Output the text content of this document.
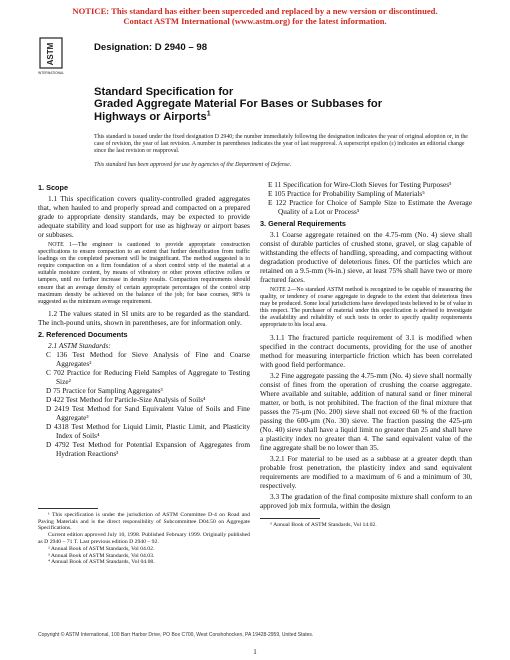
NOTICE: This standard has either been superceded and replaced by a new version or discontinued.
Contact ASTM International (www.astm.org) for the latest information.
ASTM
INTERNATIONAL
Designation: D 2940 – 98
Standard Specification for
Graded Aggregate Material For Bases or Subbases for
Highways or Airports$^1$
This standard is issued under the fixed designation D 2940; the number immediately following the designation indicates the year of original adoption or, in the case of revision, the year of last revision. A number in parentheses indicates the year of last reapproval. A superscript epsilon (ε) indicates an editorial change since the last revision or reapproval.
This standard has been approved for use by agencies of the Department of Defense.
1. Scope

1.1 This specification covers quality-controlled graded aggregates that, when hauled to and properly spread and compacted on a prepared grade to appropriate density standards, may be expected to provide adequate stability and load support for use as highway or airport bases or subbases.

NOTE 1—The engineer is cautioned to provide appropriate construction specifications to ensure compaction to an extent that further densification from traffic loadings on the completed pavement will be insignificant. The method suggested is to require compaction on a firm foundation of a short control strip of the material at a suitable moisture content, by means of vibratory or other proven effective rollers or tampers, until no further increase in density results. Compaction requirements should ensure that an average density of certain appropriate percentages of the control strip maximum density be achieved on the balance of the job; for base courses, 98% is suggested as the minimum average requirement.

1.2 The values stated in SI units are to be regarded as the standard. The inch-pound units, shown in parentheses, are for information only.

2. Referenced Documents

2.1 ASTM Standards:

C 136 Test Method for Sieve Analysis of Fine and Coarse Aggregates²

C 702 Practice for Reducing Field Samples of Aggregate to Testing Size²

D 75 Practice for Sampling Aggregates³

D 422 Test Method for Particle-Size Analysis of Soils⁴

D 2419 Test Method for Sand Equivalent Value of Soils and Fine Aggregate³

D 4318 Test Method for Liquid Limit, Plastic Limit, and Plasticity Index of Soils⁴

D 4792 Test Method for Potential Expansion of Aggregates from Hydration Reactions³

¹ This specification is under the jurisdiction of ASTM Committee D-4 on Road and Paving Materials and is the direct responsibility of Subcommittee D04.50 on Aggregate Specifications.

Current edition approved July 10, 1998. Published February 1999. Originally published as D 2940 – 71 T. Last previous edition D 2940 – 92.

² Annual Book of ASTM Standards, Vol 04.02.

³ Annual Book of ASTM Standards, Vol 04.03.

⁴ Annual Book of ASTM Standards, Vol 04.08.

E 11 Specification for Wire-Cloth Sieves for Testing Purposes⁵

E 105 Practice for Probability Sampling of Materials⁵

E 122 Practice for Choice of Sample Size to Estimate the Average Quality of a Lot or Process⁵

3. General Requirements

3.1 Coarse aggregate retained on the 4.75-mm (No. 4) sieve shall consist of durable particles of crushed stone, gravel, or slag capable of withstanding the effects of handling, spreading, and compacting without degradation productive of deleterious fines. Of the particles which are retained on a 9.5-mm (⅜-in.) sieve, at least 75% shall have two or more fractured faces.

NOTE 2—No standard ASTM method is recognized to be capable of measuring the quality, or tendency of coarse aggregate to degrade to the extent that deleterious fines may be produced. Some local jurisdictions have developed tests believed to be of value in this respect. The purchaser of material under this specification is advised to investigate the availability and reliability of such tests in order to specify quality requirements appropriate to his local area.

3.1.1 The fractured particle requirement of 3.1 is modified when specified in the contract documents, providing for the use of another method for measuring interparticle friction which has been correlated with good field performance.

3.2 Fine aggregate passing the 4.75-mm (No. 4) sieve shall normally consist of fines from the operation of crushing the coarse aggregate. Where available and suitable, addition of natural sand or finer mineral matter, or both, is not prohibited. The fraction of the final mixture that passes the 75-μm (No. 200) sieve shall not exceed 60 % of the fraction passing the 600-μm (No. 30) sieve. The fraction passing the 425-μm (No. 40) sieve shall have a liquid limit no greater than 25 and shall have a plasticity index no greater than 4. The sand equivalent value of the fine aggregate shall be no lower than 35.

3.2.1 For material to be used as a subbase at a greater depth than probable frost penetration, the plasticity index and sand equivalent requirements are modified to a maximum of 6 and a minimum of 30, respectively.

3.3 The gradation of the final composite mixture shall conform to an approved job mix formula, within the design

⁵ Annual Book of ASTM Standards, Vol 14.02.

Copyright © ASTM International, 100 Barr Harbor Drive, PO Box C700, West Conshohocken, PA 19428-2959, United States.
1
